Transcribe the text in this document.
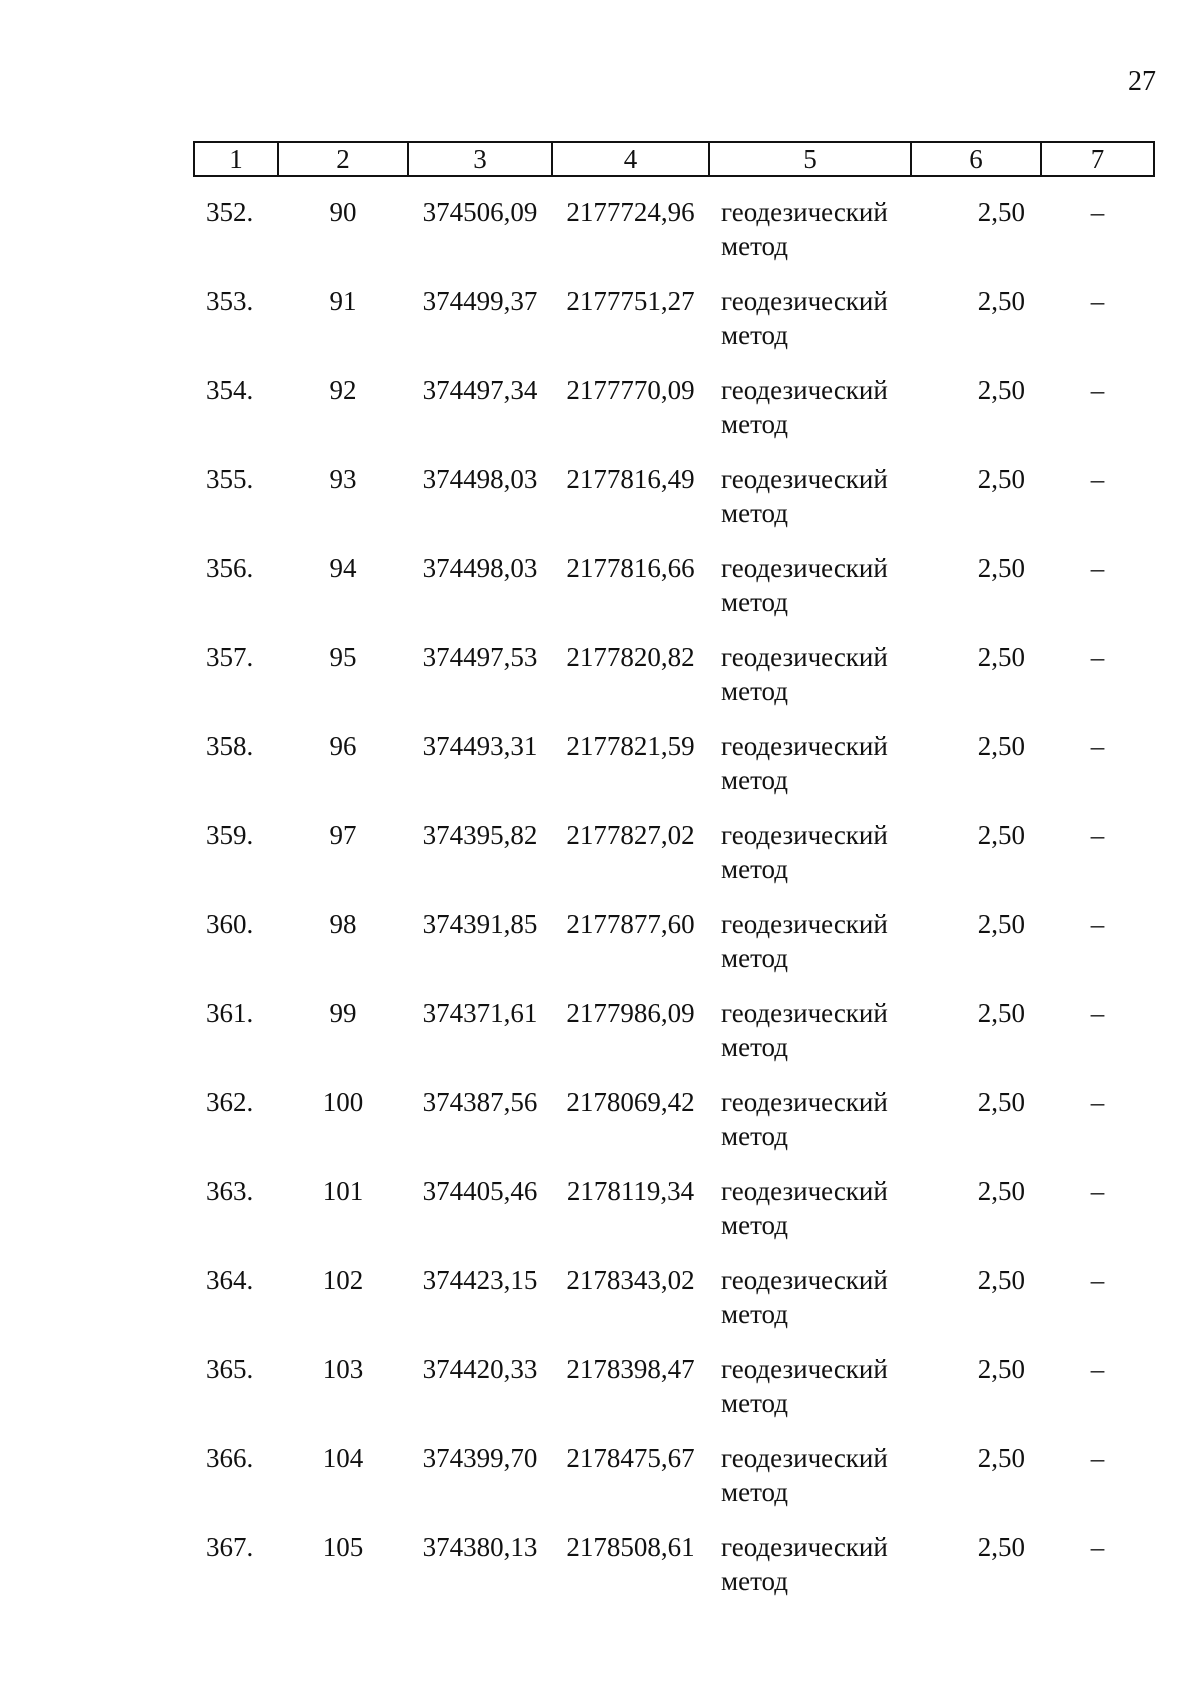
27
1	2	3	4	5	6	7

352.	90	374506,09	2177724,96	геодезический метод	2,50	–
353.	91	374499,37	2177751,27	геодезический метод	2,50	–
354.	92	374497,34	2177770,09	геодезический метод	2,50	–
355.	93	374498,03	2177816,49	геодезический метод	2,50	–
356.	94	374498,03	2177816,66	геодезический метод	2,50	–
357.	95	374497,53	2177820,82	геодезический метод	2,50	–
358.	96	374493,31	2177821,59	геодезический метод	2,50	–
359.	97	374395,82	2177827,02	геодезический метод	2,50	–
360.	98	374391,85	2177877,60	геодезический метод	2,50	–
361.	99	374371,61	2177986,09	геодезический метод	2,50	–
362.	100	374387,56	2178069,42	геодезический метод	2,50	–
363.	101	374405,46	2178119,34	геодезический метод	2,50	–
364.	102	374423,15	2178343,02	геодезический метод	2,50	–
365.	103	374420,33	2178398,47	геодезический метод	2,50	–
366.	104	374399,70	2178475,67	геодезический метод	2,50	–
367.	105	374380,13	2178508,61	геодезический метод	2,50	–
